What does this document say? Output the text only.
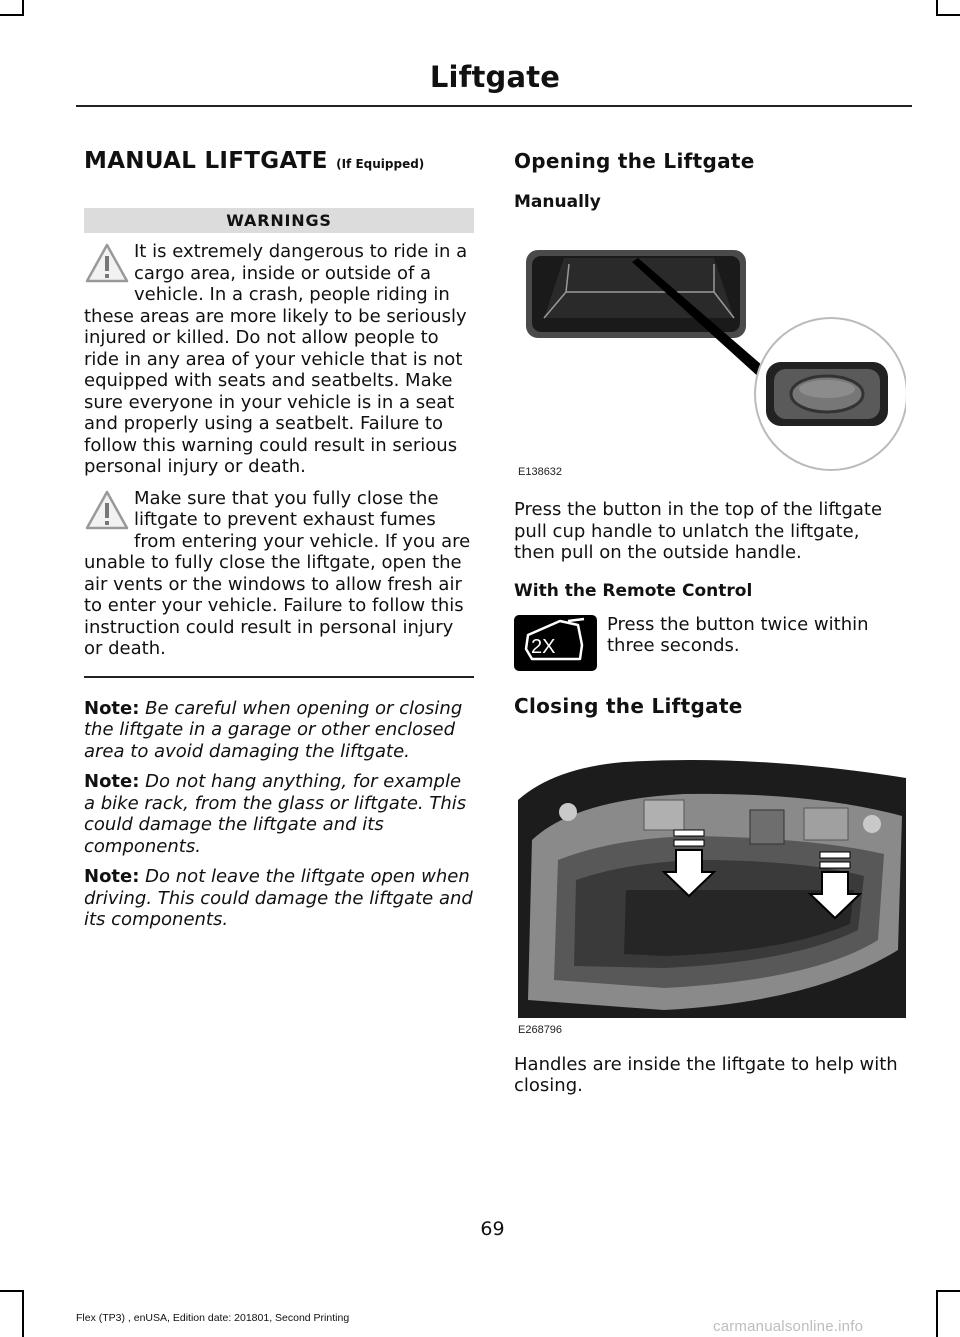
Liftgate
MANUAL LIFTGATE (If Equipped)
WARNINGS
It is extremely dangerous to ride in a cargo area, inside or outside of a vehicle. In a crash, people riding in these areas are more likely to be seriously injured or killed. Do not allow people to ride in any area of your vehicle that is not equipped with seats and seatbelts. Make sure everyone in your vehicle is in a seat and properly using a seatbelt. Failure to follow this warning could result in serious personal injury or death.
Make sure that you fully close the liftgate to prevent exhaust fumes from entering your vehicle. If you are unable to fully close the liftgate, open the air vents or the windows to allow fresh air to enter your vehicle. Failure to follow this instruction could result in personal injury or death.
Note: Be careful when opening or closing the liftgate in a garage or other enclosed area to avoid damaging the liftgate.
Note: Do not hang anything, for example a bike rack, from the glass or liftgate. This could damage the liftgate and its components.
Note: Do not leave the liftgate open when driving. This could damage the liftgate and its components.
Opening the Liftgate
Manually
E138632

Press the button in the top of the liftgate pull cup handle to unlatch the liftgate, then pull on the outside handle.

With the Remote Control
2X
Press the button twice within three seconds.
Closing the Liftgate
E268796

Handles are inside the liftgate to help with closing.

69
Flex (TP3) , enUSA, Edition date: 201801, Second Printing	carmanualsonline.info
